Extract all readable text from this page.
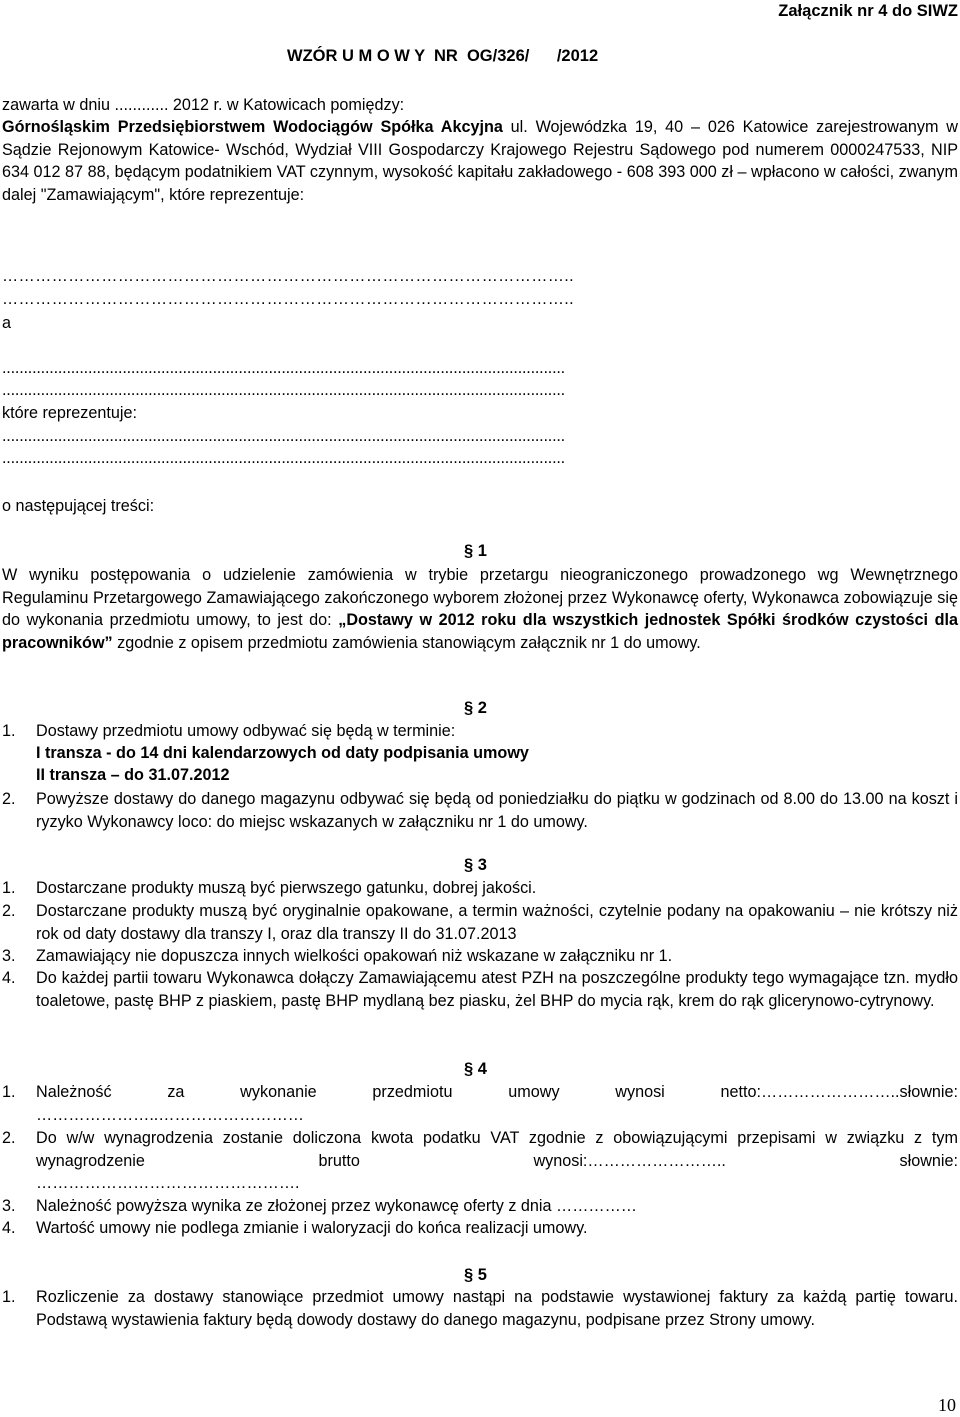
Załącznik nr 4 do SIWZ
WZÓR U M O W Y  NR  OG/326/      /2012
zawarta w dniu ............ 2012 r. w Katowicach pomiędzy:
Górnośląskim Przedsiębiorstwem Wodociągów Spółka Akcyjna ul. Wojewódzka 19, 40 – 026 Katowice zarejestrowanym w Sądzie Rejonowym Katowice- Wschód, Wydział VIII Gospodarczy Krajowego Rejestru Sądowego pod numerem 0000247533, NIP 634 012 87 88, będącym podatnikiem VAT czynnym, wysokość kapitału zakładowego - 608 393 000 zł – wpłacono w całości, zwanym dalej "Zamawiającym", które reprezentuje:
…………………………………………………………………………………………..
…………………………………………………………………………………………..
a
...................................................................................................................................
...................................................................................................................................
które reprezentuje:
...................................................................................................................................
...................................................................................................................................
o następującej treści:
§ 1
W wyniku postępowania o udzielenie zamówienia w trybie przetargu nieograniczonego prowadzonego wg Wewnętrznego Regulaminu Przetargowego Zamawiającego zakończonego wyborem złożonej przez Wykonawcę oferty, Wykonawca zobowiązuje się do wykonania przedmiotu umowy, to jest do: „Dostawy w 2012 roku dla wszystkich jednostek Spółki środków czystości dla pracowników” zgodnie z opisem przedmiotu zamówienia stanowiącym załącznik nr 1 do umowy.
§ 2
1.	Dostawy przedmiotu umowy odbywać się będą w terminie:
I transza - do 14 dni kalendarzowych od daty podpisania umowy
II transza – do 31.07.2012
2.	Powyższe dostawy do danego magazynu odbywać się będą od poniedziałku do piątku w godzinach od 8.00 do 13.00 na koszt i ryzyko Wykonawcy loco: do miejsc wskazanych w załączniku nr 1 do umowy.
§ 3
1.	Dostarczane produkty muszą być pierwszego gatunku, dobrej jakości.
2.	Dostarczane produkty muszą być oryginalnie opakowane, a termin ważności, czytelnie podany na opakowaniu – nie krótszy niż rok od daty dostawy dla transzy I, oraz dla transzy II do 31.07.2013
3.	Zamawiający nie dopuszcza innych wielkości opakowań niż wskazane w załączniku nr 1.
4.	Do każdej partii towaru Wykonawca dołączy Zamawiającemu atest PZH na poszczególne produkty tego wymagające tzn. mydło toaletowe, pastę BHP z piaskiem, pastę BHP mydlaną bez piasku, żel BHP do mycia rąk, krem do rąk glicerynowo-cytrynowy.
§ 4
1.	Należność za wykonanie przedmiotu umowy wynosi netto:……………………..słownie:
…………………..………………………
2.	Do w/w wynagrodzenia zostanie doliczona kwota podatku VAT zgodnie z obowiązującymi przepisami w związku z tym wynagrodzenie brutto wynosi:…………………….. słownie:
………………………………………….
3.	Należność powyższa wynika ze złożonej przez wykonawcę oferty z dnia ……………
4.	Wartość umowy nie podlega zmianie i waloryzacji do końca realizacji umowy.
§ 5
1.	Rozliczenie za dostawy stanowiące przedmiot umowy nastąpi na podstawie wystawionej faktury za każdą partię towaru. Podstawą wystawienia faktury będą dowody dostawy do danego magazynu, podpisane przez Strony umowy.
10
